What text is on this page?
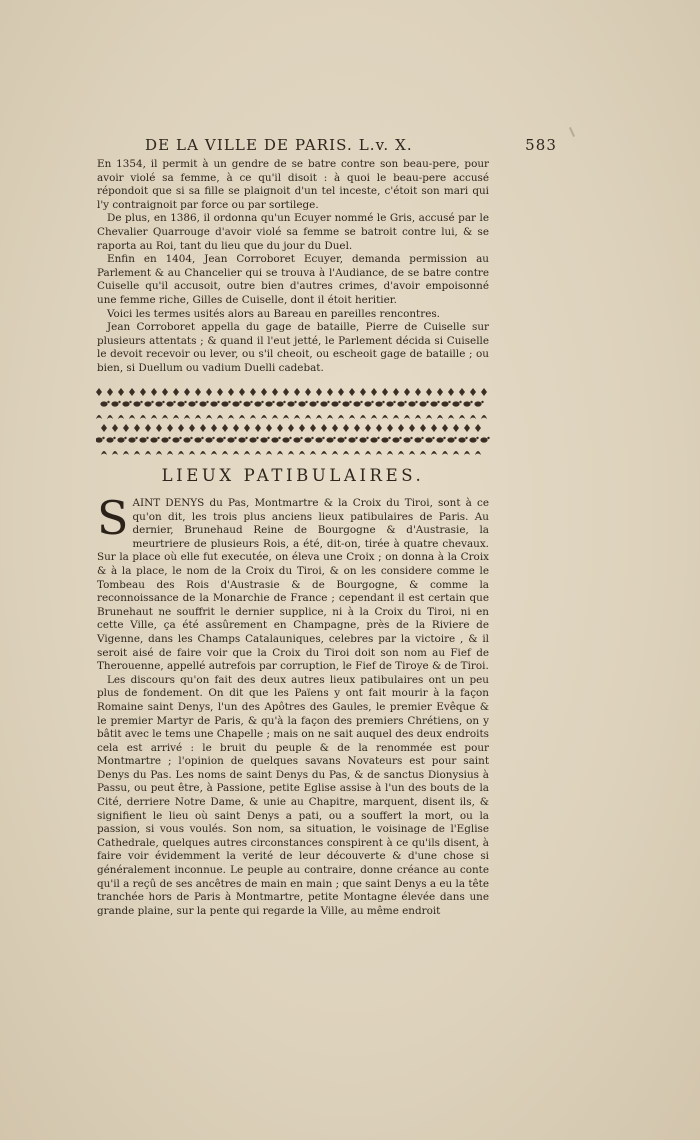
DE LA VILLE DE PARIS. L.v. X.	583

En 1354, il permit à un gendre de se batre contre son beau-pere, pour avoir violé sa femme, à ce qu'il disoit : à quoi le beau-pere accusé répondoit que si sa fille se plaignoit d'un tel inceste, c'étoit son mari qui l'y contraignoit par force ou par sortilege.

De plus, en 1386, il ordonna qu'un Ecuyer nommé le Gris, accusé par le Chevalier Quarrouge d'avoir violé sa femme se batroit contre lui, & se raporta au Roi, tant du lieu que du jour du Duel.

Enfin en 1404, Jean Corroboret Ecuyer, demanda permission au Parlement & au Chancelier qui se trouva à l'Audiance, de se batre contre Cuiselle qu'il accusoit, outre bien d'autres crimes, d'avoir empoisonné une femme riche, Gilles de Cuiselle, dont il étoit heritier.

Voici les termes usités alors au Bareau en pareilles rencontres.

Jean Corroboret appella du gage de bataille, Pierre de Cuiselle sur plusieurs attentats ; & quand il l'eut jetté, le Parlement décida si Cuiselle le devoit recevoir ou lever, ou s'il cheoit, ou escheoit gage de bataille ; ou bien, si Duellum ou vadium Duelli cadebat.

LIEUX PATIBULAIRES.
S AINT DENYS du Pas, Montmartre & la Croix du Tiroi, sont à ce qu'on dit, les trois plus anciens lieux patibulaires de Paris. Au dernier, Brunehaud Reine de Bourgogne & d'Austrasie, la meurtriere de plusieurs Rois, a été, dit-on, tirée à quatre chevaux. Sur la place où elle fut executée, on éleva une Croix ; on donna à la Croix & à la place, le nom de la Croix du Tiroi, & on les considere comme le Tombeau des Rois d'Austrasie & de Bourgogne, & comme la reconnoissance de la Monarchie de France ; cependant il est certain que Brunehaut ne souffrit le dernier supplice, ni à la Croix du Tiroi, ni en cette Ville, ça été assûrement en Champagne, près de la Riviere de Vigenne, dans les Champs Catalauniques, celebres par la victoire , & il seroit aisé de faire voir que la Croix du Tiroi doit son nom au Fief de Therouenne, appellé autrefois par corruption, le Fief de Tiroye & de Tiroi.

Les discours qu'on fait des deux autres lieux patibulaires ont un peu plus de fondement. On dit que les Païens y ont fait mourir à la façon Romaine saint Denys, l'un des Apôtres des Gaules, le premier Evêque & le premier Martyr de Paris, & qu'à la façon des premiers Chrétiens, on y bâtit avec le tems une Chapelle ; mais on ne sait auquel des deux endroits cela est arrivé : le bruit du peuple & de la renommée est pour Montmartre ; l'opinion de quelques savans Novateurs est pour saint Denys du Pas. Les noms de saint Denys du Pas, & de sanctus Dionysius à Passu, ou peut être, à Passione, petite Eglise assise à l'un des bouts de la Cité, derriere Notre Dame, & unie au Chapitre, marquent, disent ils, & signifient le lieu où saint Denys a pati, ou a souffert la mort, ou la passion, si vous voulés. Son nom, sa situation, le voisinage de l'Eglise Cathedrale, quelques autres circonstances conspirent à ce qu'ils disent, à faire voir évidemment la verité de leur découverte & d'une chose si généralement inconnue. Le peuple au contraire, donne créance au conte qu'il a reçû de ses ancêtres de main en main ; que saint Denys a eu la tête tranchée hors de Paris à Montmartre, petite Montagne élevée dans une grande plaine, sur la pente qui regarde la Ville, au même endroit
